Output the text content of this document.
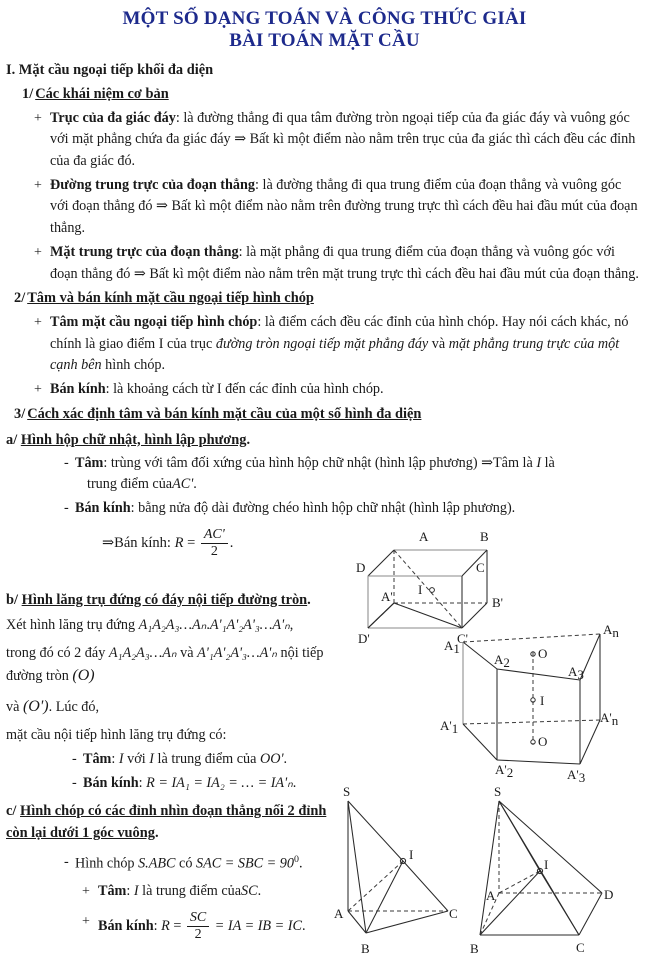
MỘT SỐ DẠNG TOÁN VÀ CÔNG THỨC GIẢI
BÀI TOÁN MẶT CẦU
I. Mặt cầu ngoại tiếp khối đa diện
1/ Các khái niệm cơ bản
+ Trục của đa giác đáy: là đường thẳng đi qua tâm đường tròn ngoại tiếp của đa giác đáy và vuông góc với mặt phẳng chứa đa giác đáy ⇒ Bất kì một điểm nào nằm trên trục của đa giác thì cách đều các đỉnh của đa giác đó.
+ Đường trung trực của đoạn thẳng: là đường thẳng đi qua trung điểm của đoạn thẳng và vuông góc với đoạn thẳng đó ⇒ Bất kì một điểm nào nằm trên đường trung trực thì cách đều hai đầu mút của đoạn thẳng.
+ Mặt trung trực của đoạn thẳng: là mặt phẳng đi qua trung điểm của đoạn thẳng và vuông góc với đoạn thẳng đó ⇒ Bất kì một điểm nào nằm trên mặt trung trực thì cách đều hai đầu mút của đoạn thẳng.
2/ Tâm và bán kính mặt cầu ngoại tiếp hình chóp
+ Tâm mặt cầu ngoại tiếp hình chóp: là điểm cách đều các đỉnh của hình chóp. Hay nói cách khác, nó chính là giao điểm I của trục đường tròn ngoại tiếp mặt phẳng đáy và mặt phẳng trung trực của một cạnh bên hình chóp.
+ Bán kính: là khoảng cách từ I đến các đỉnh của hình chóp.
3/ Cách xác định tâm và bán kính mặt cầu của một số hình đa diện
a/ Hình hộp chữ nhật, hình lập phương.
- Tâm: trùng với tâm đối xứng của hình hộp chữ nhật (hình lập phương) ⇒Tâm là I là
trung điểm củaAC'.
- Bán kính: bằng nửa độ dài đường chéo hình hộp chữ nhật (hình lập phương).
⇒Bán kính: $R = \frac{AC'}{2}$ .
b/ Hình lăng trụ đứng có đáy nội tiếp đường tròn.
Xét hình lăng trụ đứng A₁A₂A₃…Aₙ.A'₁A'₂A'₃…A'ₙ,
trong đó có 2 đáy A₁A₂A₃…Aₙ và A'₁A'₂A'₃…A'ₙ nội tiếp đường tròn (O)
và (O'). Lúc đó,
mặt cầu nội tiếp hình lăng trụ đứng có:
- Tâm: I với I là trung điểm của OO'.
- Bán kính: R = IA₁ = IA₂ = … = IA'ₙ.
c/ Hình chóp có các đỉnh nhìn đoạn thẳng nối 2 đỉnh
còn lại dưới 1 góc vuông.
- Hình chóp S.ABC có SAC = SBC = $90^0$.
+ Tâm: I là trung điểm củaSC.
+ Bán kính: $R = \frac{SC}{2}$ = IA = IB = IC.
A	B
C
D
A'	B'
C'
D'
I
A1
A2
A3
An
A'1
A'2	A'3
A'n
O
I
O
S
I
A
B
C
S
I
A	D
B	C
